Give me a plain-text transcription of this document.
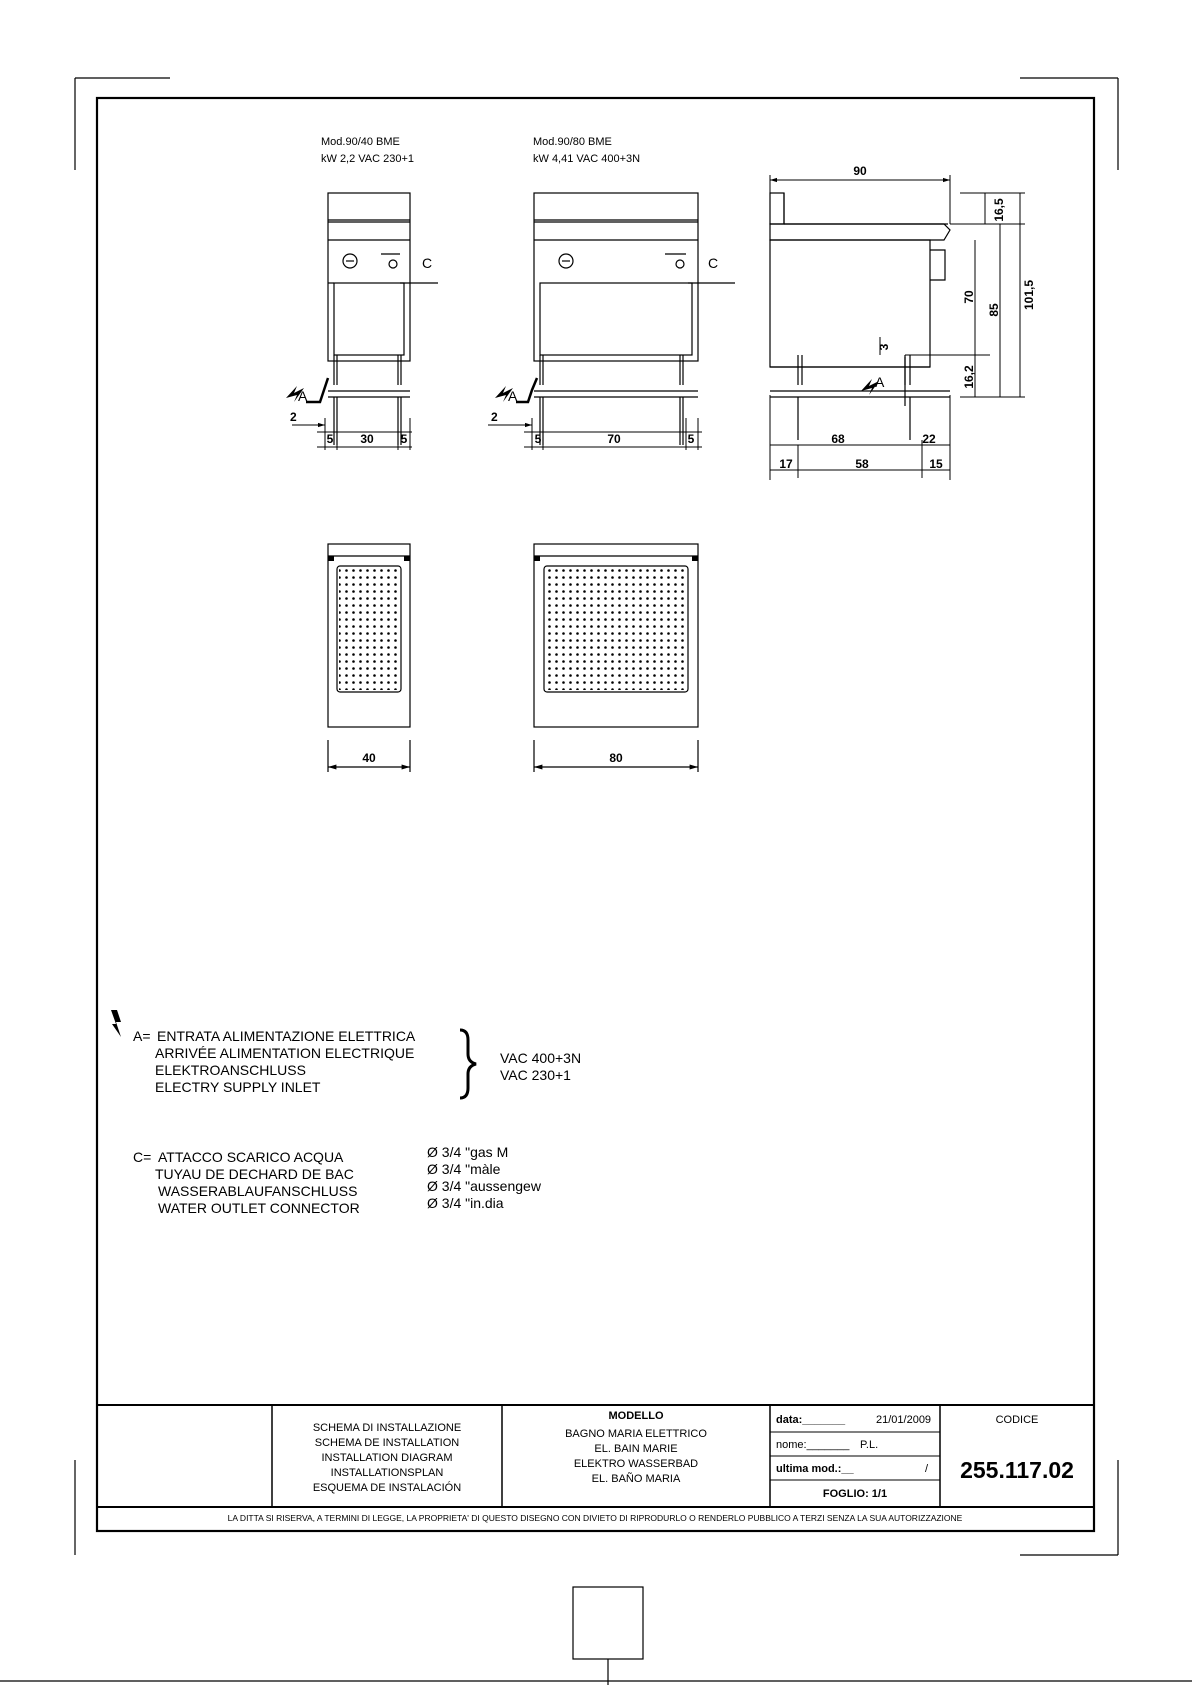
Mod.90/40 BME
kW 2,2 VAC 230+1
Mod.90/80 BME
kW 4,41 VAC 400+3N
C
A
2
5 30 5
C
A
2
5	70	5
A
90
16,5
70
85 101,5
3
16,2
68	22
17	58	15
40	80
A= ENTRATA ALIMENTAZIONE ELETTRICA
ARRIVÉE ALIMENTATION ELECTRIQUE
ELEKTROANSCHLUSS
ELECTRY SUPPLY INLET
VAC 400+3N
VAC 230+1
C= ATTACCO SCARICO ACQUA
TUYAU DE DECHARD DE BAC
WASSERABLAUFANSCHLUSS
WATER OUTLET CONNECTOR
Ø 3/4 "gas M
Ø 3/4 "màle
Ø 3/4 "aussengew
Ø 3/4 "in.dia
SCHEMA DI INSTALLAZIONE
SCHEMA DE INSTALLATION
INSTALLATION DIAGRAM
INSTALLATIONSPLAN
ESQUEMA DE INSTALACIÓN
MODELLO
BAGNO MARIA ELETTRICO
EL. BAIN MARIE
ELEKTRO WASSERBAD
EL. BAÑO MARIA
data:_______	21/01/2009
nome:_______ P.L.
ultima mod.:__	/
FOGLIO: 1/1
CODICE
255.117.02
LA DITTA SI RISERVA, A TERMINI DI LEGGE, LA PROPRIETA' DI QUESTO DISEGNO CON DIVIETO DI RIPRODURLO O RENDERLO PUBBLICO A TERZI SENZA LA SUA AUTORIZZAZIONE
